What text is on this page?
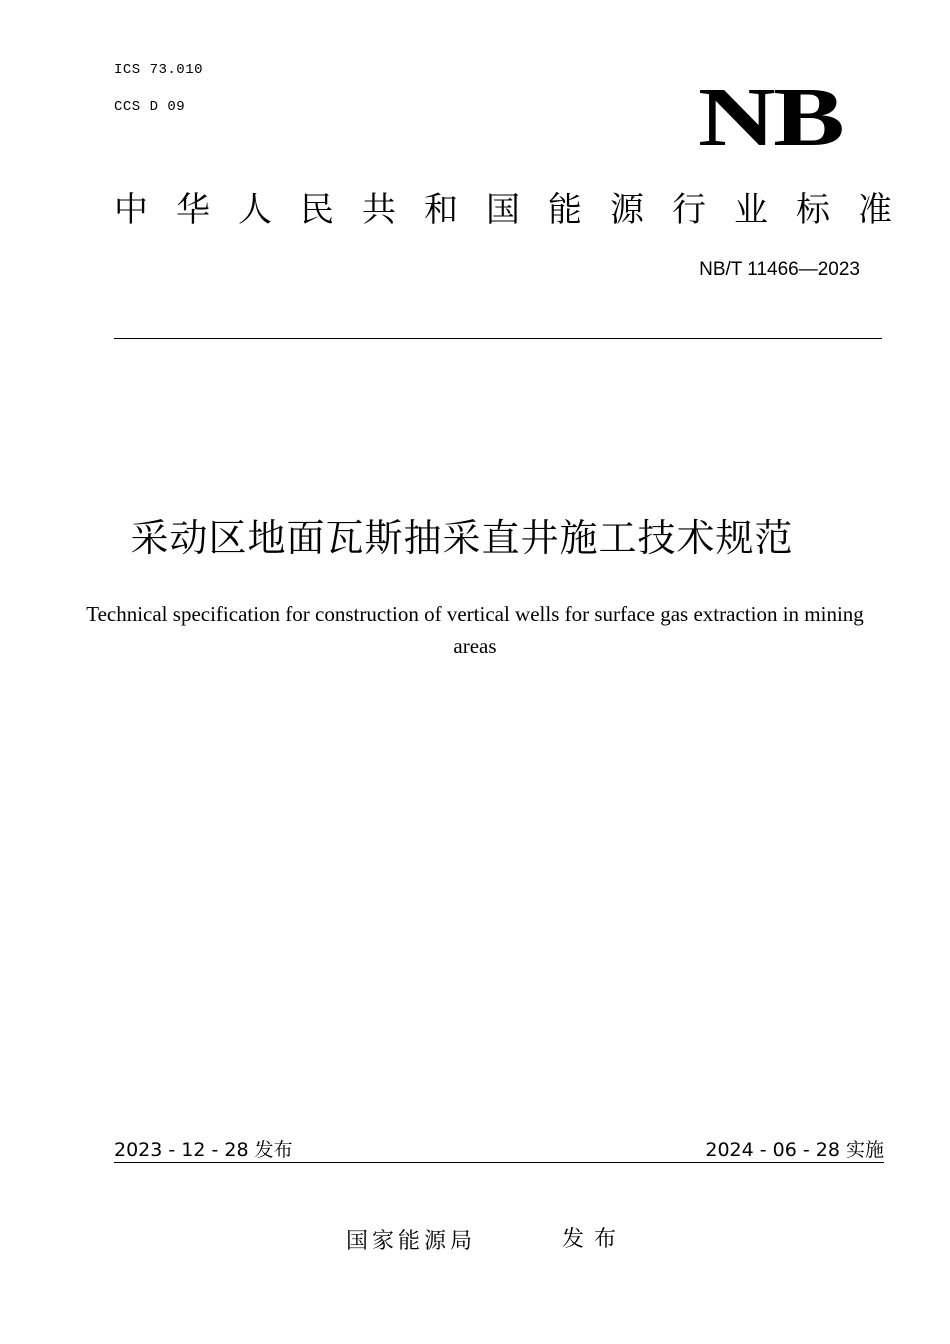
ICS 73.010
CCS D 09	NB
中华人民共和国能源行业标准
NB/T 11466—2023
采动区地面瓦斯抽采直井施工技术规范
Technical specification for construction of vertical wells for surface gas extraction in mining areas
2023 - 12 - 28 发布	2024 - 06 - 28 实施
国家能源局	发布
